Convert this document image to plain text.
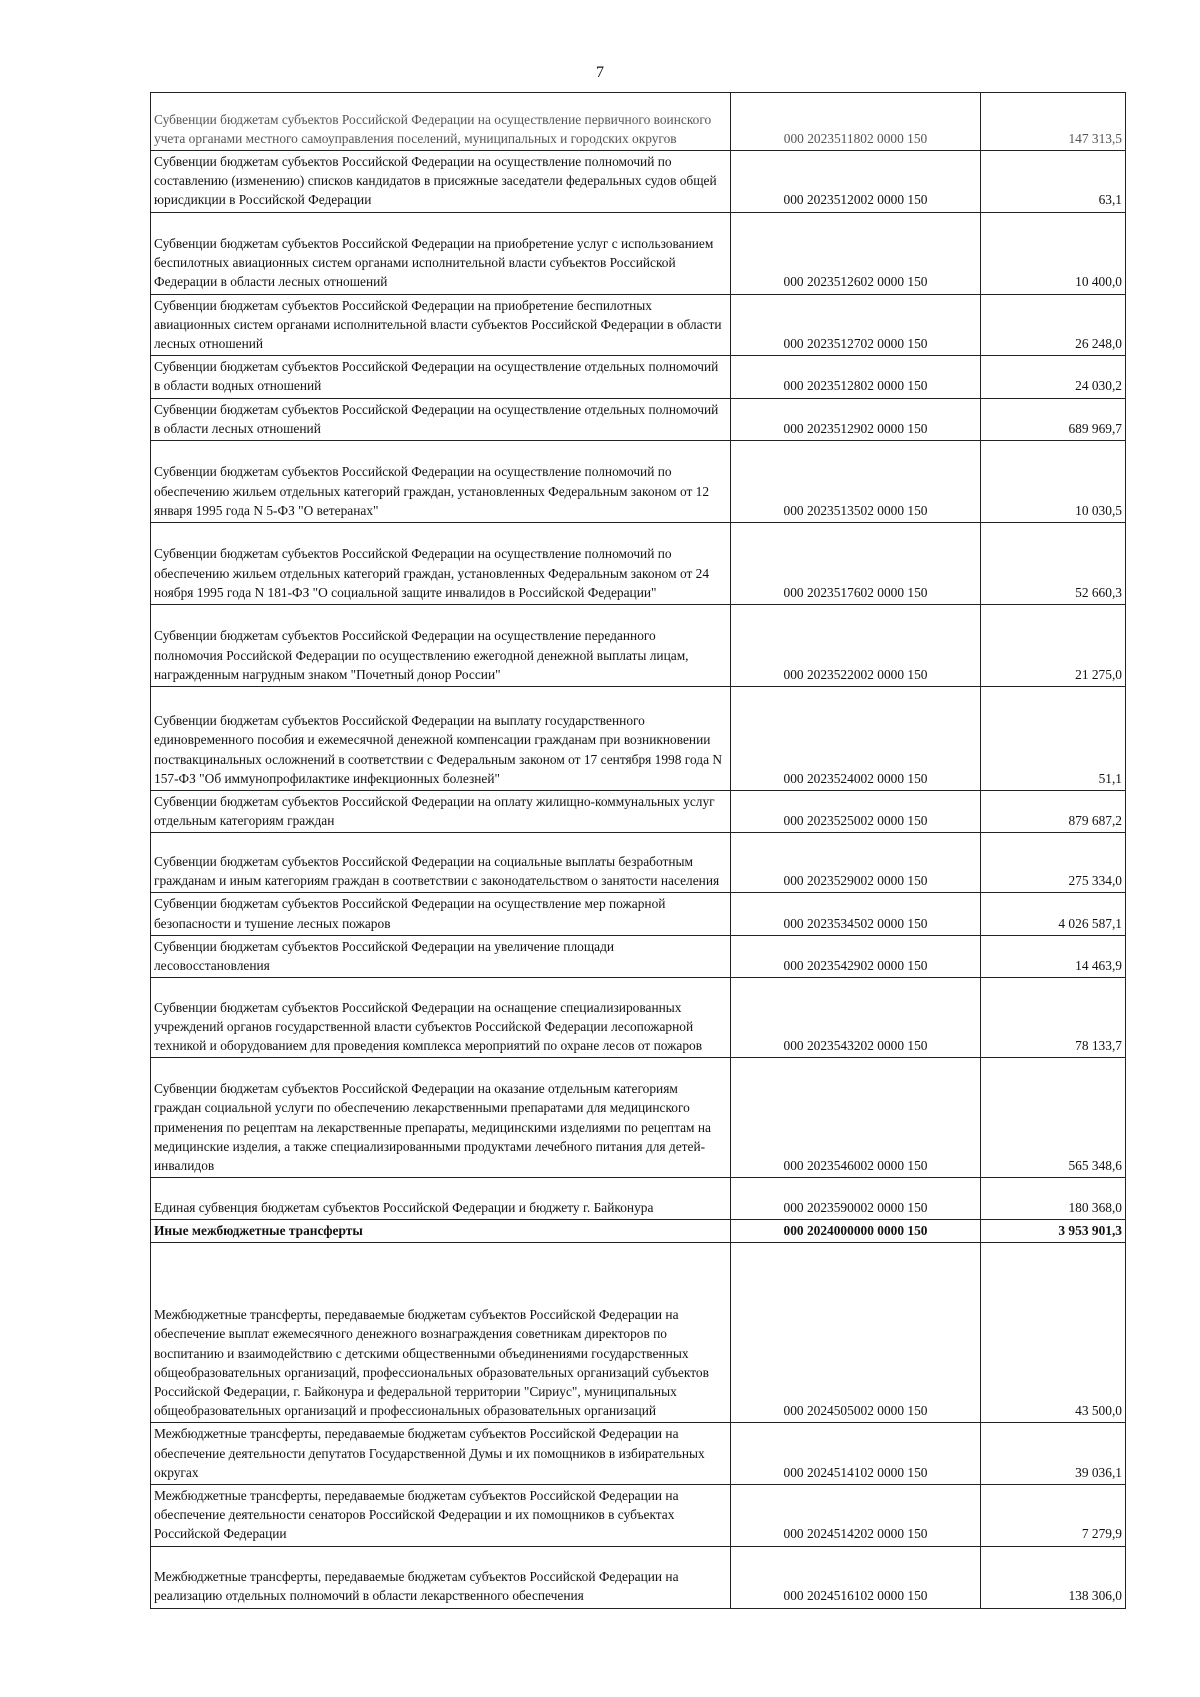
7
Субвенции бюджетам субъектов Российской Федерации на осуществление первичного воинского учета органами местного самоуправления поселений, муниципальных и городских округов	000 2023511802 0000 150	147 313,5
Субвенции бюджетам субъектов Российской Федерации на осуществление полномочий по составлению (изменению) списков кандидатов в присяжные заседатели федеральных судов общей юрисдикции в Российской Федерации	000 2023512002 0000 150	63,1
Субвенции бюджетам субъектов Российской Федерации на приобретение услуг с использованием беспилотных авиационных систем органами исполнительной власти субъектов Российской Федерации в области лесных отношений	000 2023512602 0000 150	10 400,0
Субвенции бюджетам субъектов Российской Федерации на приобретение беспилотных авиационных систем органами исполнительной власти субъектов Российской Федерации в области лесных отношений	000 2023512702 0000 150	26 248,0
Субвенции бюджетам субъектов Российской Федерации на осуществление отдельных полномочий в области водных отношений	000 2023512802 0000 150	24 030,2
Субвенции бюджетам субъектов Российской Федерации на осуществление отдельных полномочий в области лесных отношений	000 2023512902 0000 150	689 969,7
Субвенции бюджетам субъектов Российской Федерации на осуществление полномочий по обеспечению жильем отдельных категорий граждан, установленных Федеральным законом от 12 января 1995 года N 5-ФЗ "О ветеранах"	000 2023513502 0000 150	10 030,5
Субвенции бюджетам субъектов Российской Федерации на осуществление полномочий по обеспечению жильем отдельных категорий граждан, установленных Федеральным законом от 24 ноября 1995 года N 181-ФЗ "О социальной защите инвалидов в Российской Федерации"	000 2023517602 0000 150	52 660,3
Субвенции бюджетам субъектов Российской Федерации на осуществление переданного полномочия Российской Федерации по осуществлению ежегодной денежной выплаты лицам, награжденным нагрудным знаком "Почетный донор России"	000 2023522002 0000 150	21 275,0
Субвенции бюджетам субъектов Российской Федерации на выплату государственного единовременного пособия и ежемесячной денежной компенсации гражданам при возникновении поствакцинальных осложнений в соответствии с Федеральным законом от 17 сентября 1998 года N 157-ФЗ "Об иммунопрофилактике инфекционных болезней"	000 2023524002 0000 150	51,1
Субвенции бюджетам субъектов Российской Федерации на оплату жилищно-коммунальных услуг отдельным категориям граждан	000 2023525002 0000 150	879 687,2
Субвенции бюджетам субъектов Российской Федерации на социальные выплаты безработным гражданам и иным категориям граждан в соответствии с законодательством о занятости населения	000 2023529002 0000 150	275 334,0
Субвенции бюджетам субъектов Российской Федерации на осуществление мер пожарной безопасности и тушение лесных пожаров	000 2023534502 0000 150	4 026 587,1
Субвенции бюджетам субъектов Российской Федерации на увеличение площади лесовосстановления	000 2023542902 0000 150	14 463,9
Субвенции бюджетам субъектов Российской Федерации на оснащение специализированных учреждений органов государственной власти субъектов Российской Федерации лесопожарной техникой и оборудованием для проведения комплекса мероприятий по охране лесов от пожаров	000 2023543202 0000 150	78 133,7
Субвенции бюджетам субъектов Российской Федерации на оказание отдельным категориям граждан социальной услуги по обеспечению лекарственными препаратами для медицинского применения по рецептам на лекарственные препараты, медицинскими изделиями по рецептам на медицинские изделия, а также специализированными продуктами лечебного питания для детей-инвалидов	000 2023546002 0000 150	565 348,6
Единая субвенция бюджетам субъектов Российской Федерации и бюджету г. Байконура	000 2023590002 0000 150	180 368,0
Иные межбюджетные трансферты	000 2024000000 0000 150	3 953 901,3
Межбюджетные трансферты, передаваемые бюджетам субъектов Российской Федерации на обеспечение выплат ежемесячного денежного вознаграждения советникам директоров по воспитанию и взаимодействию с детскими общественными объединениями государственных общеобразовательных организаций, профессиональных образовательных организаций субъектов Российской Федерации, г. Байконура и федеральной территории "Сириус", муниципальных общеобразовательных организаций и профессиональных образовательных организаций	000 2024505002 0000 150	43 500,0
Межбюджетные трансферты, передаваемые бюджетам субъектов Российской Федерации на обеспечение деятельности депутатов Государственной Думы и их помощников в избирательных округах	000 2024514102 0000 150	39 036,1
Межбюджетные трансферты, передаваемые бюджетам субъектов Российской Федерации на обеспечение деятельности сенаторов Российской Федерации и их помощников в субъектах Российской Федерации	000 2024514202 0000 150	7 279,9
Межбюджетные трансферты, передаваемые бюджетам субъектов Российской Федерации на реализацию отдельных полномочий в области лекарственного обеспечения	000 2024516102 0000 150	138 306,0
